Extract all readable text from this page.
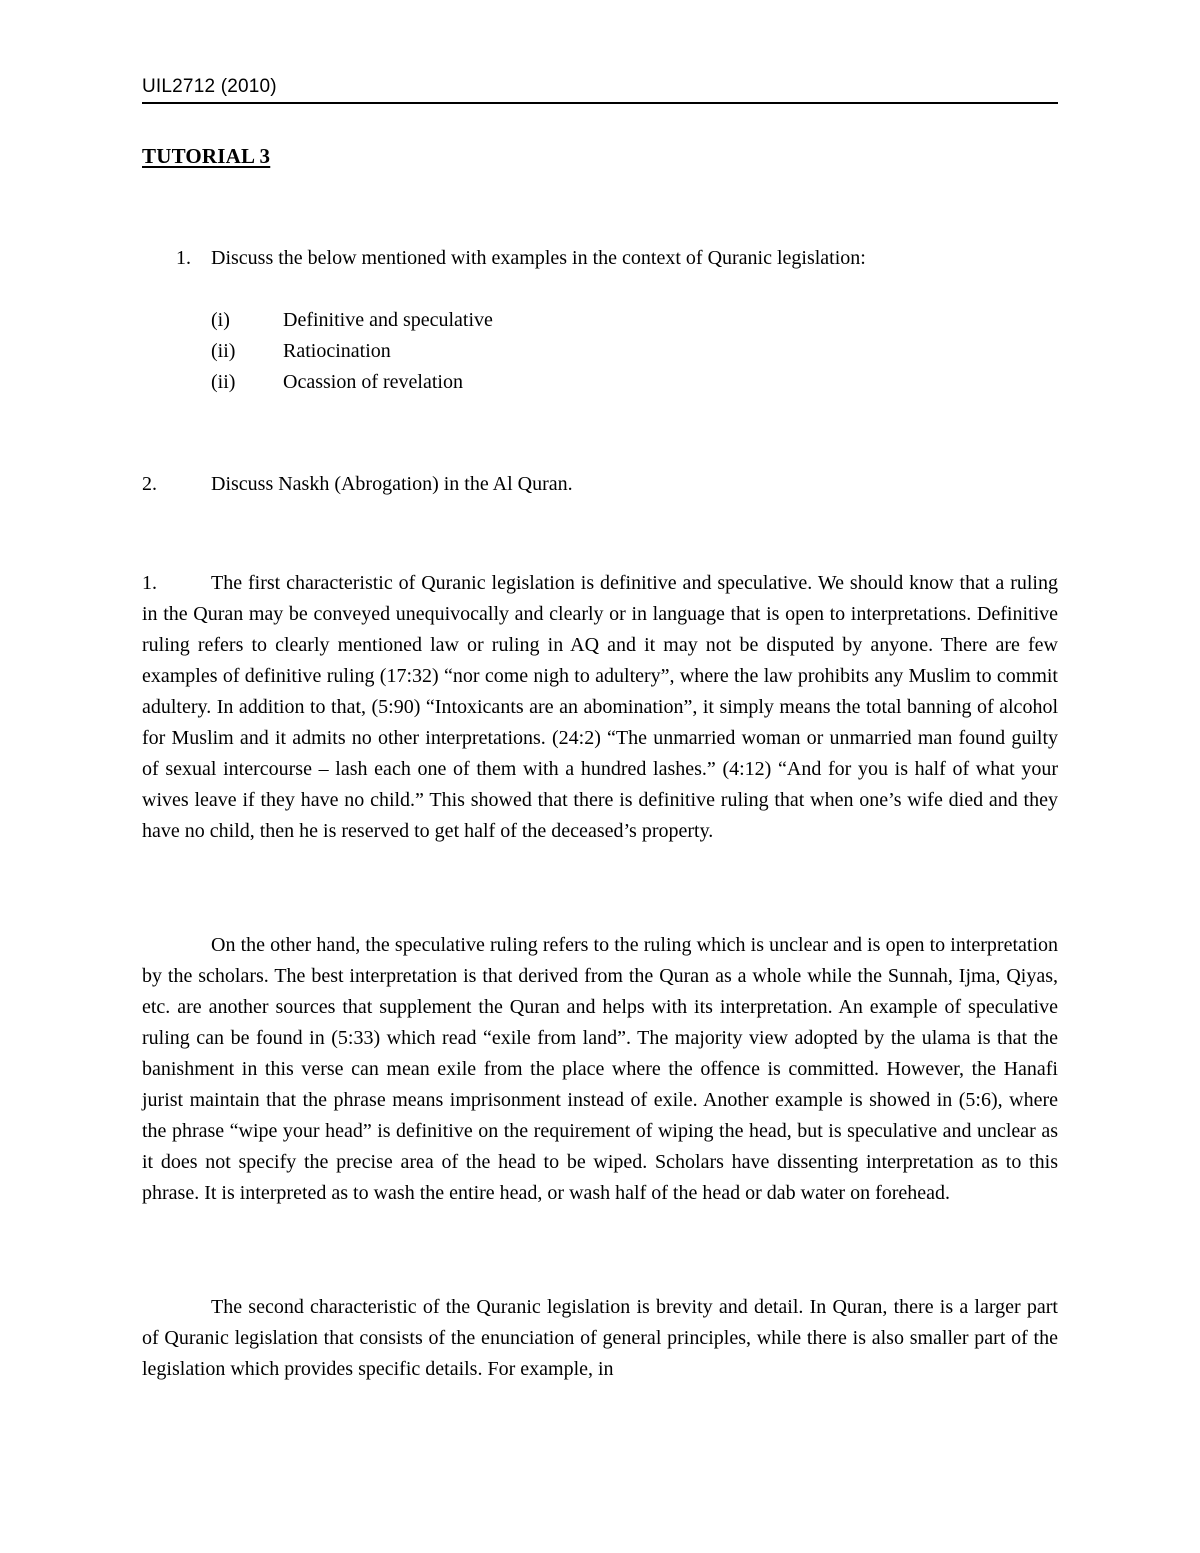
UIL2712 (2010)
TUTORIAL 3
1. Discuss the below mentioned with examples in the context of Quranic legislation:
(i)	Definitive and speculative
(ii) Ratiocination
(ii) Ocassion of revelation
2.	Discuss Naskh (Abrogation) in the Al Quran.

1.	The first characteristic of Quranic legislation is definitive and speculative. We should know that a ruling in the Quran may be conveyed unequivocally and clearly or in language that is open to interpretations. Definitive ruling refers to clearly mentioned law or ruling in AQ and it may not be disputed by anyone. There are few examples of definitive ruling (17:32) “nor come nigh to adultery”, where the law prohibits any Muslim to commit adultery. In addition to that, (5:90) “Intoxicants are an abomination”, it simply means the total banning of alcohol for Muslim and it admits no other interpretations. (24:2) “The unmarried woman or unmarried man found guilty of sexual intercourse – lash each one of them with a hundred lashes.” (4:12) “And for you is half of what your wives leave if they have no child.” This showed that there is definitive ruling that when one’s wife died and they have no child, then he is reserved to get half of the deceased’s property.

On the other hand, the speculative ruling refers to the ruling which is unclear and is open to interpretation by the scholars. The best interpretation is that derived from the Quran as a whole while the Sunnah, Ijma, Qiyas, etc. are another sources that supplement the Quran and helps with its interpretation. An example of speculative ruling can be found in (5:33) which read “exile from land”. The majority view adopted by the ulama is that the banishment in this verse can mean exile from the place where the offence is committed. However, the Hanafi jurist maintain that the phrase means imprisonment instead of exile. Another example is showed in (5:6), where the phrase “wipe your head” is definitive on the requirement of wiping the head, but is speculative and unclear as it does not specify the precise area of the head to be wiped. Scholars have dissenting interpretation as to this phrase. It is interpreted as to wash the entire head, or wash half of the head or dab water on forehead.

The second characteristic of the Quranic legislation is brevity and detail. In Quran, there is a larger part of Quranic legislation that consists of the enunciation of general principles, while there is also smaller part of the legislation which provides specific details. For example, in
